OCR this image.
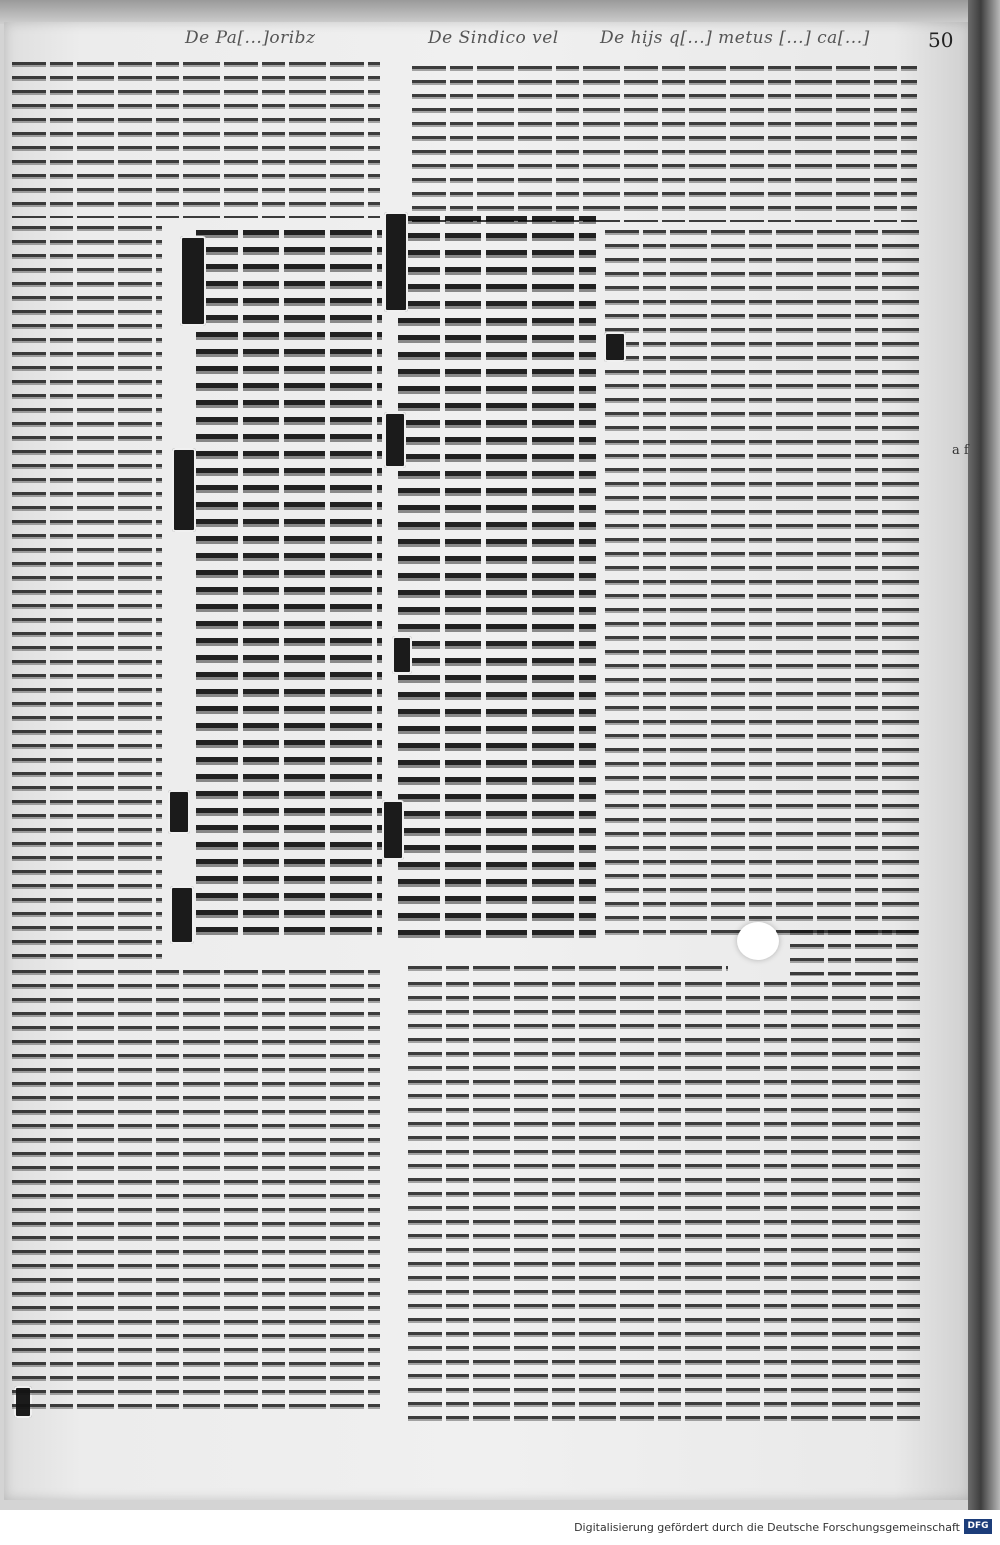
De Pa[...]oribz	De Sindico vel De hijs q[...] metus [...] ca[...]	50
a f
Digitalisierung gefördert durch die Deutsche Forschungsgemeinschaft DFG
